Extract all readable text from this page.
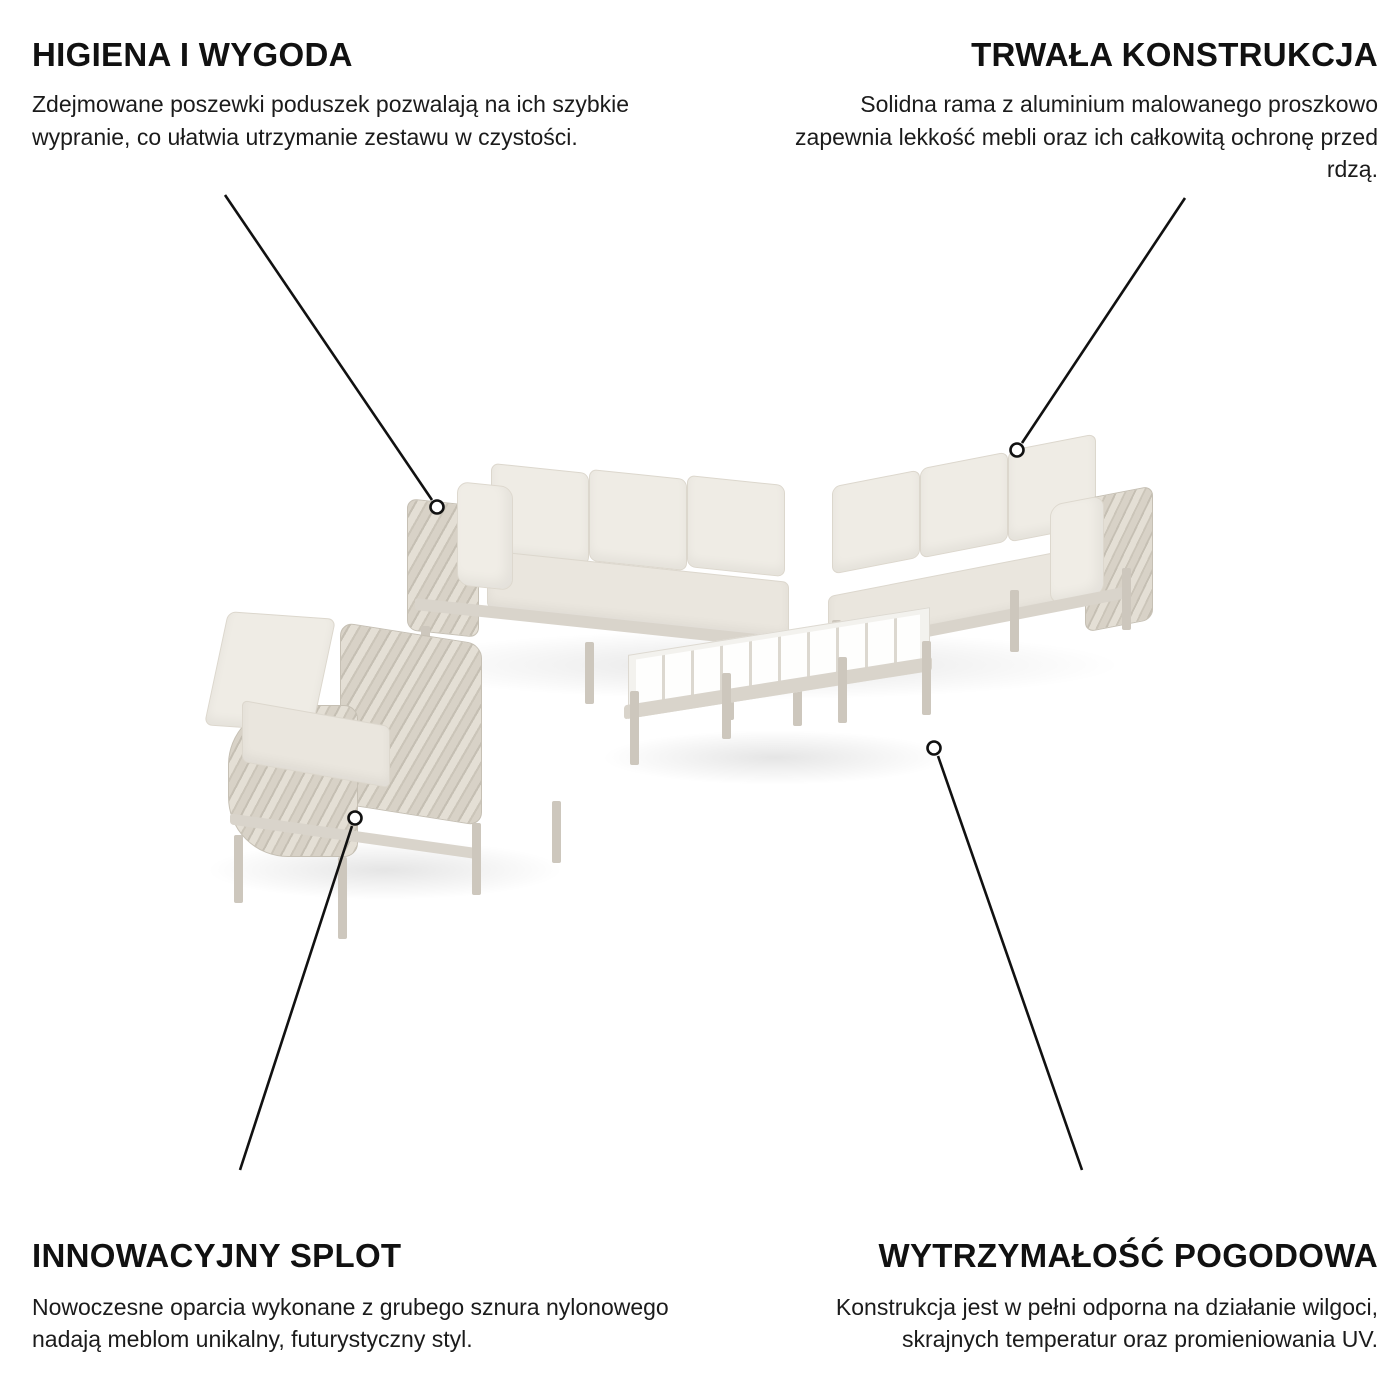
HIGIENA I WYGODA

Zdejmowane poszewki poduszek pozwalają na ich szybkie wypranie, co ułatwia utrzymanie zestawu w czystości.

TRWAŁA KONSTRUKCJA

Solidna rama z aluminium malowanego proszkowo zapewnia lekkość mebli oraz ich całkowitą ochronę przed rdzą.

INNOWACYJNY SPLOT

Nowoczesne oparcia wykonane z grubego sznura nylonowego nadają meblom unikalny, futurystyczny styl.

WYTRZYMAŁOŚĆ POGODOWA

Konstrukcja jest w pełni odporna na działanie wilgoci, skrajnych temperatur oraz promieniowania UV.
